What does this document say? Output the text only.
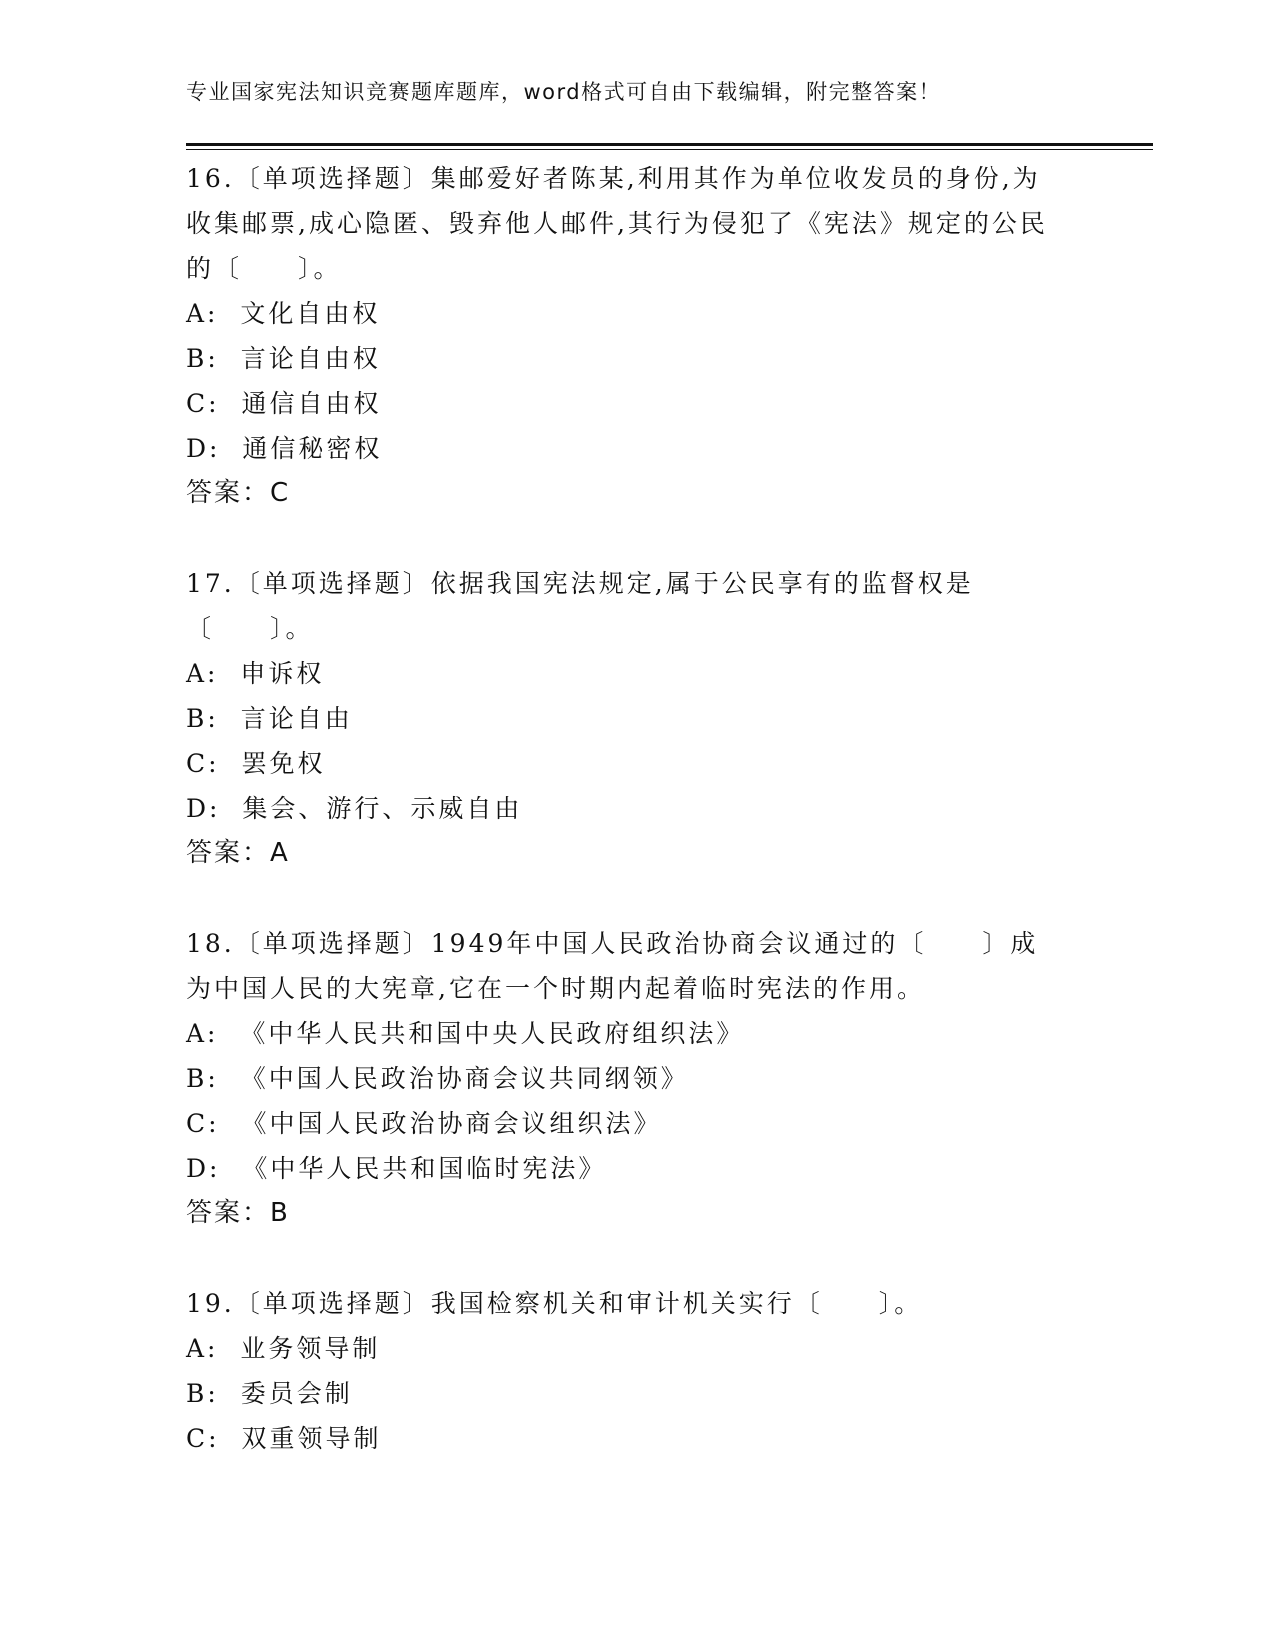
专业国家宪法知识竞赛题库题库，word格式可自由下载编辑，附完整答案！

16.〔单项选择题〕集邮爱好者陈某,利用其作为单位收发员的身份,为收集邮票,成心隐匿、毁弃他人邮件,其行为侵犯了《宪法》规定的公民的〔　　〕。

A:  文化自由权

B:  言论自由权

C:  通信自由权

D:  通信秘密权

答案：C

17.〔单项选择题〕依据我国宪法规定,属于公民享有的监督权是〔　　〕。

A:  申诉权

B:  言论自由

C:  罢免权

D:  集会、游行、示威自由

答案：A

18.〔单项选择题〕1949年中国人民政治协商会议通过的〔　　〕成为中国人民的大宪章,它在一个时期内起着临时宪法的作用。

A:  《中华人民共和国中央人民政府组织法》

B:  《中国人民政治协商会议共同纲领》

C:  《中国人民政治协商会议组织法》

D:  《中华人民共和国临时宪法》

答案：B

19.〔单项选择题〕我国检察机关和审计机关实行〔　　〕。

A:  业务领导制

B:  委员会制

C:  双重领导制
